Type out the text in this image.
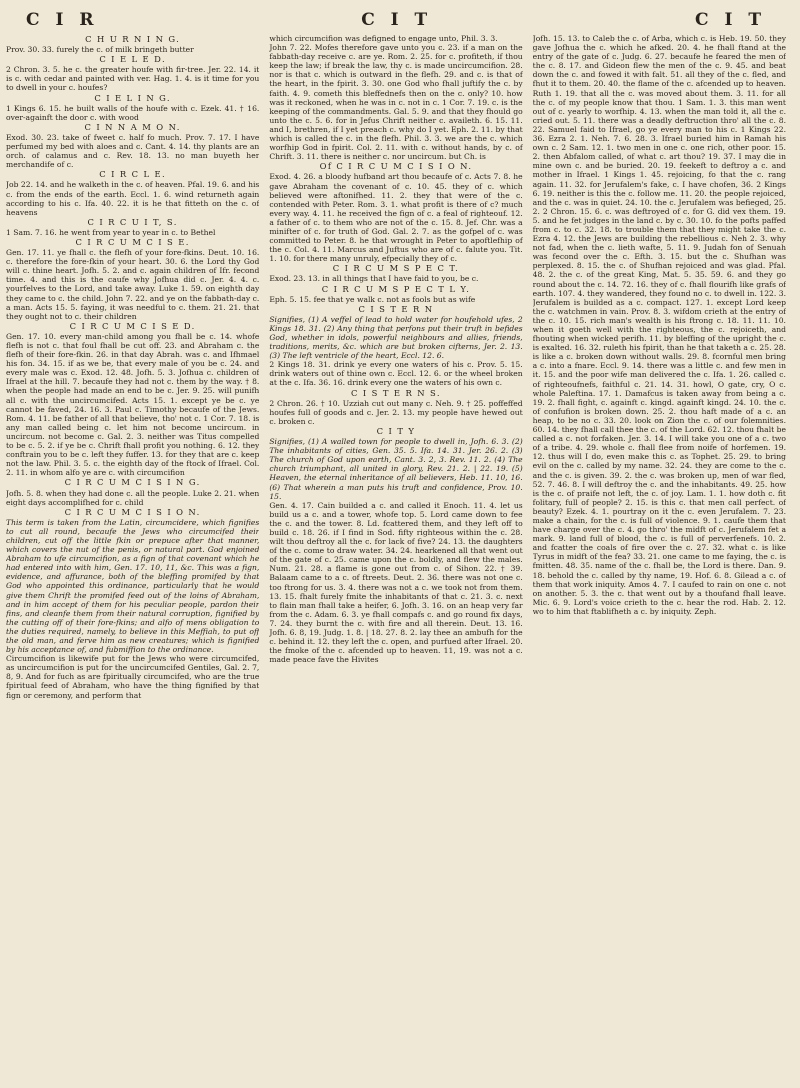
C I R	C I T	C I T

C H U R N I N G.

Prov. 30. 33. furely the c. of milk bringeth butter

C I E L E D.

2 Chron. 3. 5. he c. the greater houfe with fir-tree. Jer. 22. 14. it is c. with cedar and painted with ver. Hag. 1. 4. is it time for you to dwell in your c. houfes?

C I E L I N G.

1 Kings 6. 15. he built walls of the houfe with c. Ezek. 41. † 16. over-againft the door c. with wood

C I N N A M O N.

Exod. 30. 23. take of fweet c. half fo much. Prov. 7. 17. I have perfumed my bed with aloes and c. Cant. 4. 14. thy plants are an orch. of calamus and c. Rev. 18. 13. no man buyeth her merchandife of c.

C I R C L E.

Job 22. 14. and he walketh in the c. of heaven. Pfal. 19. 6. and his c. from the ends of the earth. Eccl. 1. 6. wind returneth again according to his c. Ifa. 40. 22. it is he that fitteth on the c. of heavens

C I R C U I T, S.

1 Sam. 7. 16. he went from year to year in c. to Bethel

C I R C U M C I S E.

Gen. 17. 11. ye fhall c. the flefh of your fore-fkins. Deut. 10. 16. c. therefore the fore-fkin of your heart. 30. 6. the Lord thy God will c. thine heart. Jofh. 5. 2. and c. again children of Ifr. fecond time. 4. and this is the caufe why Jofhua did c. Jer. 4. 4. c. yourfelves to the Lord, and take away. Luke 1. 59. on eighth day they came to c. the child. John 7. 22. and ye on the fabbath-day c. a man. Acts 15. 5. faying, it was needful to c. them. 21. 21. that they ought not to c. their children

C I R C U M C I S E D.

Gen. 17. 10. every man-child among you fhall be c. 14. whofe flefh is not c. that foul fhall be cut off. 23. and Abraham c. the flefh of their fore-fkin. 26. in that day Abrah. was c. and Ifhmael his fon. 34. 15. if as we be, that every male of you be c. 24. and every male was c. Exod. 12. 48. Jofh. 5. 3. Jofhua c. children of Ifrael at the hill. 7. becaufe they had not c. them by the way. † 8. when the people had made an end to be c. Jer. 9. 25. will punifh all c. with the uncircumcifed. Acts 15. 1. except ye be c. ye cannot be faved, 24. 16. 3. Paul c. Timothy becaufe of the Jews. Rom. 4. 11. be father of all that believe, tho' not c. 1 Cor. 7. 18. is any man called being c. let him not become uncircum. in uncircum. not become c. Gal. 2. 3. neither was Titus compelled to be c. 5. 2. if ye be c. Chrift fhall profit you nothing. 6. 12. they conftrain you to be c. left they fuffer. 13. for they that are c. keep not the law. Phil. 3. 5. c. the eighth day of the ftock of Ifrael. Col. 2. 11. in whom alfo ye are c. with circumcifion

C I R C U M C I S I N G.

Jofh. 5. 8. when they had done c. all the people. Luke 2. 21. when eight days accomplifhed for c. child

C I R C U M C I S I O N.

This term is taken from the Latin, circumcidere, which fignifies to cut all round, becaufe the Jews who circumcifed their children, cut off the little fkin or prepuce after that manner, which covers the nut of the penis, or natural part. God enjoined Abraham to ufe circumcifion, as a fign of that covenant which he had entered into with him, Gen. 17. 10, 11, &c. This was a fign, evidence, and affurance, both of the bleffing promifed by that God who appointed this ordinance, particularly that he would give them Chrift the promifed feed out of the loins of Abraham, and in him accept of them for his peculiar people, pardon their fins, and cleanfe them from their natural corruption, fignified by the cutting off of their fore-fkins; and alfo of mens obligation to the duties required, namely, to believe in this Meffiah, to put off the old man, and ferve him as new creatures; which is fignified by his acceptance of, and fubmiffion to the ordinance.

Circumcifion is likewife put for the Jews who were circumcifed, as uncircumcifion is put for the uncircumcifed Gentiles, Gal. 2. 7, 8, 9. And for fuch as are fpiritually circumcifed, who are the true fpiritual feed of Abraham, who have the thing fignified by that fign or ceremony, and perform that

which circumcifion was defigned to engage unto, Phil. 3. 3.

John 7. 22. Mofes therefore gave unto you c. 23. if a man on the fabbath-day receive c. are ye. Rom. 2. 25. for c. profiteth, if thou keep the law; if break the law, thy c. is made uncircumcifion. 28. nor is that c. which is outward in the flefh. 29. and c. is that of the heart, in the fpirit. 3. 30. one God who fhall juftify the c. by faith. 4. 9. cometh this bleffednefs then on the c. only? 10. how was it reckoned, when he was in c. not in c. 1 Cor. 7. 19. c. is the keeping of the commandments. Gal. 5. 9. and that they fhould go unto the c. 5. 6. for in Jefus Chrift neither c. availeth. 6. 15. 11. and I, brethren, if I yet preach c. why do I yet. Eph. 2. 11. by that which is called the c. in the flefh. Phil. 3. 3. we are the c. which worfhip God in fpirit. Col. 2. 11. with c. without hands, by c. of Chrift. 3. 11. there is neither c. nor uncircum. but Ch. is

Of C I R C U M C I S I O N.

Exod. 4. 26. a bloody hufband art thou becaufe of c. Acts 7. 8. he gave Abraham the covenant of c. 10. 45. they of c. which believed were aftonifhed. 11. 2. they that were of the c. contended with Peter. Rom. 3. 1. what profit is there of c? much every way. 4. 11. he received the fign of c. a feal of righteouf. 12. a father of c. to them who are not of the c. 15. 8. Jef. Chr. was a minifter of c. for truth of God. Gal. 2. 7. as the gofpel of c. was committed to Peter. 8. he that wrought in Peter to apoftlefhip of the c. Col. 4. 11. Marcus and Juftus who are of c. falute you. Tit. 1. 10. for there many unruly, efpecially they of c.

C I R C U M S P E C T.

Exod. 23. 13. in all things that I have faid to you, be c.

C I R C U M S P E C T L Y.

Eph. 5. 15. fee that ye walk c. not as fools but as wife

C I S T E R N

Signifies, (1) A veffel of lead to hold water for houfehold ufes, 2 Kings 18. 31. (2) Any thing that perfons put their truft in befides God, whether in idols, powerful neighbours and allies, friends, traditions, merits, &c. which are but broken cifterns, Jer. 2. 13. (3) The left ventricle of the heart, Eccl. 12. 6.

2 Kings 18. 31. drink ye every one waters of his c. Prov. 5. 15. drink waters out of thine own c. Eccl. 12. 6. or the wheel broken at the c. Ifa. 36. 16. drink every one the waters of his own c.

C I S T E R N S.

2 Chron. 26. † 10. Uzziah cut out many c. Neh. 9. † 25. poffeffed houfes full of goods and c. Jer. 2. 13. my people have hewed out c. broken c.

C I T Y

Signifies, (1) A walled town for people to dwell in, Jofh. 6. 3. (2) The inhabitants of cities, Gen. 35. 5. Ifa. 14. 31. Jer. 26. 2. (3) The church of God upon earth, Cant. 3. 2, 3. Rev. 11. 2. (4) The church triumphant, all united in glory, Rev. 21. 2. | 22. 19. (5) Heaven, the eternal inheritance of all believers, Heb. 11. 10, 16. (6) That wherein a man puts his truft and confidence, Prov. 10. 15.

Gen. 4. 17. Cain builded a c. and called it Enoch. 11. 4. let us build us a c. and a tower, whofe top. 5. Lord came down to fee the c. and the tower. 8. Ld. fcattered them, and they left off to build c. 18. 26. if I find in Sod. fifty righteous within the c. 28. wilt thou deftroy all the c. for lack of five? 24. 13. the daughters of the c. come to draw water. 34. 24. hearkened all that went out of the gate of c. 25. came upon the c. boldly, and flew the males. Num. 21. 28. a flame is gone out from c. of Sihon. 22. † 39. Balaam came to a c. of ftreets. Deut. 2. 36. there was not one c. too ftrong for us. 3. 4. there was not a c. we took not from them. 13. 15. fhalt furely fmite the inhabitants of that c. 21. 3. c. next to flain man fhall take a heifer, 6. Jofh. 3. 16. on an heap very far from the c. Adam. 6. 3. ye fhall compafs c. and go round fix days, 7. 24. they burnt the c. with fire and all therein. Deut. 13. 16. Jofh. 6. 8, 19. Judg. 1. 8. | 18. 27. 8. 2. lay thee an ambufh for the c. behind it. 12. they left the c. open, and purfued after Ifrael. 20. the fmoke of the c. afcended up to heaven. 11, 19. was not a c. made peace fave the Hivites

Jofh. 15. 13. to Caleb the c. of Arba, which c. is Heb. 19. 50. they gave Jofhua the c. which he afked. 20. 4. he fhall ftand at the entry of the gate of c. Judg. 6. 27. becaufe he feared the men of the c. 8. 17. and Gideon flew the men of the c. 9. 45. and beat down the c. and fowed it with falt. 51. all they of the c. fled, and fhut it to them. 20. 40. the flame of the c. afcended up to heaven. Ruth 1. 19. that all the c. was moved about them. 3. 11. for all the c. of my people know that thou. 1 Sam. 1. 3. this man went out of c. yearly to worfhip. 4. 13. when the man told it, all the c. cried out. 5. 11. there was a deadly deftruction thro' all the c. 8. 22. Samuel faid to Ifrael, go ye every man to his c. 1 Kings 22. 36. Ezra 2. 1. Neh. 7. 6. 28. 3. Ifrael buried him in Ramah his own c. 2 Sam. 12. 1. two men in one c. one rich, other poor. 15. 2. then Abfalom called, of what c. art thou? 19. 37. I may die in mine own c. and be buried. 20. 19. feekeft to deftroy a c. and mother in Ifrael. 1 Kings 1. 45. rejoicing, fo that the c. rang again. 11. 32. for Jerufalem's fake, c. I have chofen, 36. 2 Kings 6. 19. neither is this the c. follow me. 11. 20. the people rejoiced, and the c. was in quiet. 24. 10. the c. Jerufalem was befieged, 25. 2. 2 Chron. 15. 6. c. was deftroyed of c. for G. did vex them. 19. 5. and he fet judges in the land c. by c. 30. 10. fo the pofts paffed from c. to c. 32. 18. to trouble them that they might take the c. Ezra 4. 12. the Jews are building the rebellious c. Neh 2. 3. why not fad, when the c. lieth wafte, 5. 11. 9. Judah fon of Senuah was fecond over the c. Efth. 3. 15. but the c. Shufhan was perplexed. 8. 15. the c. of Shufhan rejoiced and was glad. Pfal. 48. 2. the c. of the great King, Mat. 5. 35. 59. 6. and they go round about the c. 14. 72. 16. they of c. fhall flourifh like grafs of earth. 107. 4. they wandered, they found no c. to dwell in. 122. 3. Jerufalem is builded as a c. compact. 127. 1. except Lord keep the c. watchmen in vain. Prov. 8. 3. wifdom crieth at the entry of the c. 10. 15. rich man's wealth is his ftrong c. 18. 11. 11. 10. when it goeth well with the righteous, the c. rejoiceth, and fhouting when wicked perifh. 11. by bleffing of the upright the c. is exalted. 16. 32. ruleth his fpirit, than he that taketh a c. 25. 28. is like a c. broken down without walls. 29. 8. fcornful men bring a c. into a fnare. Eccl. 9. 14. there was a little c. and few men in it. 15. and the poor wife man delivered the c. Ifa. 1. 26. called c. of righteoufnefs, faithful c. 21. 14. 31. howl, O gate, cry, O c. whole Paleftina. 17. 1. Damafcus is taken away from being a c. 19. 2. fhall fight, c. againft c. kingd. againft kingd. 24. 10. the c. of confufion is broken down. 25. 2. thou haft made of a c. an heap, to be no c. 33. 20. look on Zion the c. of our folemnities. 60. 14. they fhall call thee the c. of the Lord. 62. 12. thou fhalt be called a c. not forfaken. Jer. 3. 14. I will take you one of a c. two of a tribe. 4. 29. whole c. fhall flee from noife of horfemen. 19. 12. thus will I do, even make this c. as Tophet. 25. 29. to bring evil on the c. called by my name. 32. 24. they are come to the c. and the c. is given. 39. 2. the c. was broken up, men of war fled, 52. 7. 46. 8. I will deftroy the c. and the inhabitants. 49. 25. how is the c. of praife not left, the c. of joy. Lam. 1. 1. how doth c. fit folitary, full of people? 2. 15. is this c. that men call perfect. of beauty? Ezek. 4. 1. pourtray on it the c. even Jerufalem. 7. 23. make a chain, for the c. is full of violence. 9. 1. caufe them that have charge over the c. 4. go thro' the midft of c. Jerufalem fet a mark. 9. land full of blood, the c. is full of perverfenefs. 10. 2. and fcatter the coals of fire over the c. 27. 32. what c. is like Tyrus in midft of the fea? 33. 21. one came to me faying, the c. is fmitten. 48. 35. name of the c. fhall be, the Lord is there. Dan. 9. 18. behold the c. called by thy name, 19. Hof. 6. 8. Gilead a c. of them that work iniquity. Amos 4. 7. I caufed to rain on one c. not on another. 5. 3. the c. that went out by a thoufand fhall leave. Mic. 6. 9. Lord's voice crieth to the c. hear the rod. Hab. 2. 12. wo to him that ftablifheth a c. by iniquity. Zeph.
